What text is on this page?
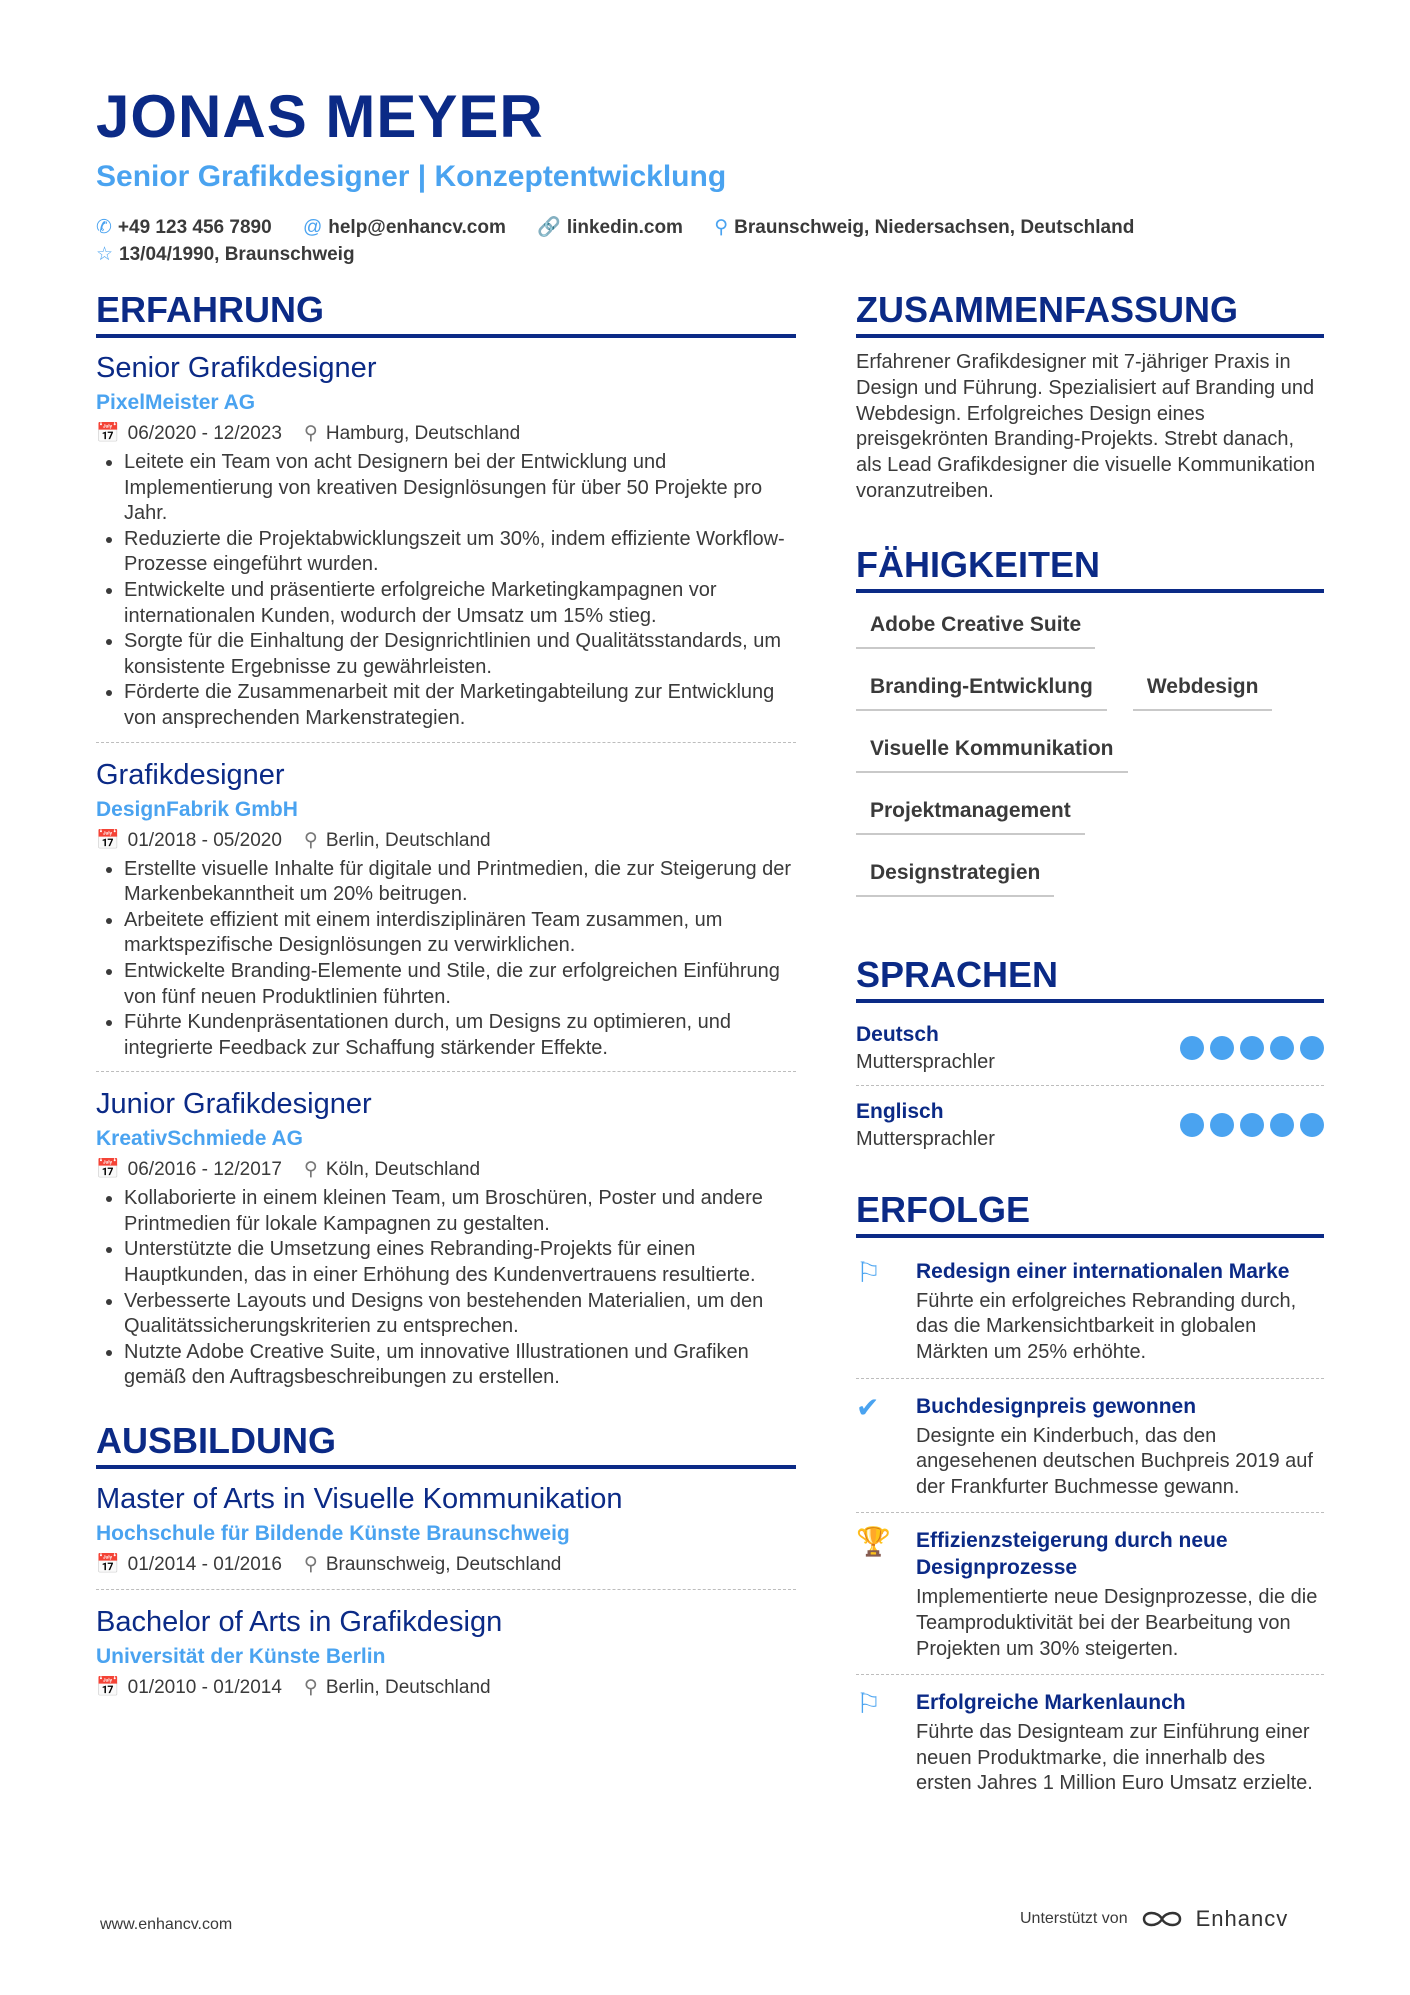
JONAS MEYER
Senior Grafikdesigner | Konzeptentwicklung
✆ +49 123 456 7890 @ help@enhancv.com 🔗 linkedin.com ⚲ Braunschweig, Niedersachsen, Deutschland
☆ 13/04/1990, Braunschweig
ERFAHRUNG
Senior Grafikdesigner
PixelMeister AG
📅 06/2020 - 12/2023 ⚲ Hamburg, Deutschland
• Leitete ein Team von acht Designern bei der Entwicklung und Implementierung von kreativen Designlösungen für über 50 Projekte pro Jahr.
• Reduzierte die Projektabwicklungszeit um 30%, indem effiziente Workflow-Prozesse eingeführt wurden.
• Entwickelte und präsentierte erfolgreiche Marketingkampagnen vor internationalen Kunden, wodurch der Umsatz um 15% stieg.
• Sorgte für die Einhaltung der Designrichtlinien und Qualitätsstandards, um konsistente Ergebnisse zu gewährleisten.
• Förderte die Zusammenarbeit mit der Marketingabteilung zur Entwicklung von ansprechenden Markenstrategien.
Grafikdesigner
DesignFabrik GmbH
📅 01/2018 - 05/2020 ⚲ Berlin, Deutschland
• Erstellte visuelle Inhalte für digitale und Printmedien, die zur Steigerung der Markenbekanntheit um 20% beitrugen.
• Arbeitete effizient mit einem interdisziplinären Team zusammen, um marktspezifische Designlösungen zu verwirklichen.
• Entwickelte Branding-Elemente und Stile, die zur erfolgreichen Einführung von fünf neuen Produktlinien führten.
• Führte Kundenpräsentationen durch, um Designs zu optimieren, und integrierte Feedback zur Schaffung stärkender Effekte.
Junior Grafikdesigner
KreativSchmiede AG
📅 06/2016 - 12/2017 ⚲ Köln, Deutschland
• Kollaborierte in einem kleinen Team, um Broschüren, Poster und andere Printmedien für lokale Kampagnen zu gestalten.
• Unterstützte die Umsetzung eines Rebranding-Projekts für einen Hauptkunden, das in einer Erhöhung des Kundenvertrauens resultierte.
• Verbesserte Layouts und Designs von bestehenden Materialien, um den Qualitätssicherungskriterien zu entsprechen.
• Nutzte Adobe Creative Suite, um innovative Illustrationen und Grafiken gemäß den Auftragsbeschreibungen zu erstellen.
AUSBILDUNG
Master of Arts in Visuelle Kommunikation
Hochschule für Bildende Künste Braunschweig
📅 01/2014 - 01/2016 ⚲ Braunschweig, Deutschland
Bachelor of Arts in Grafikdesign
Universität der Künste Berlin
📅 01/2010 - 01/2014 ⚲ Berlin, Deutschland
ZUSAMMENFASSUNG

Erfahrener Grafikdesigner mit 7-jähriger Praxis in Design und Führung. Spezialisiert auf Branding und Webdesign. Erfolgreiches Design eines preisgekrönten Branding-Projekts. Strebt danach, als Lead Grafikdesigner die visuelle Kommunikation voranzutreiben.

FÄHIGKEITEN
Adobe Creative Suite
Branding-Entwicklung	Webdesign
Visuelle Kommunikation
Projektmanagement
Designstrategien
SPRACHEN
Deutsch
Muttersprachler
Englisch
Muttersprachler
ERFOLGE
⚐	Redesign einer internationalen Marke
Führte ein erfolgreiches Rebranding durch, das die Markensichtbarkeit in globalen Märkten um 25% erhöhte.
✔	Buchdesignpreis gewonnen
Designte ein Kinderbuch, das den angesehenen deutschen Buchpreis 2019 auf der Frankfurter Buchmesse gewann.
🏆	Effizienzsteigerung durch neue Designprozesse
Implementierte neue Designprozesse, die die Teamproduktivität bei der Bearbeitung von Projekten um 30% steigerten.
⚐	Erfolgreiche Markenlaunch
Führte das Designteam zur Einführung einer neuen Produktmarke, die innerhalb des ersten Jahres 1 Million Euro Umsatz erzielte.
www.enhancv.com	Unterstützt von	Enhancv
